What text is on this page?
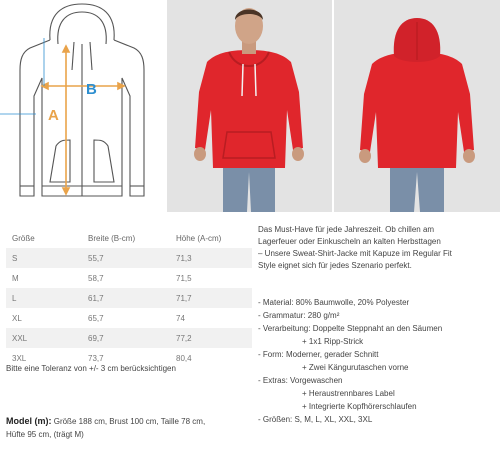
A
B
Größe	Breite (B-cm)	Höhe (A-cm)
S	55,7	71,3
M	58,7	71,5
L	61,7	71,7
XL	65,7	74
XXL	69,7	77,2
3XL	73,7	80,4
Bitte eine Toleranz von +/- 3 cm berücksichtigen
Model (m): Größe 188 cm, Brust 100 cm, Taille 78 cm,
Hüfte 95 cm, (trägt M)
Das Must-Have für jede Jahreszeit. Ob chillen am
Lagerfeuer oder Einkuscheln an kalten Herbsttagen
– Unsere Sweat-Shirt-Jacke mit Kapuze im Regular Fit
Style eignet sich für jedes Szenario perfekt.
- Material: 80% Baumwolle, 20% Polyester
- Grammatur: 280 g/m²
- Verarbeitung: Doppelte Steppnaht an den Säumen
+ 1x1 Ripp-Strick
- Form: Moderner, gerader Schnitt
+ Zwei Kängurutaschen vorne
- Extras: Vorgewaschen
+ Heraustrennbares Label
+ Integrierte Kopfhörerschlaufen
- Größen: S, M, L, XL, XXL, 3XL
